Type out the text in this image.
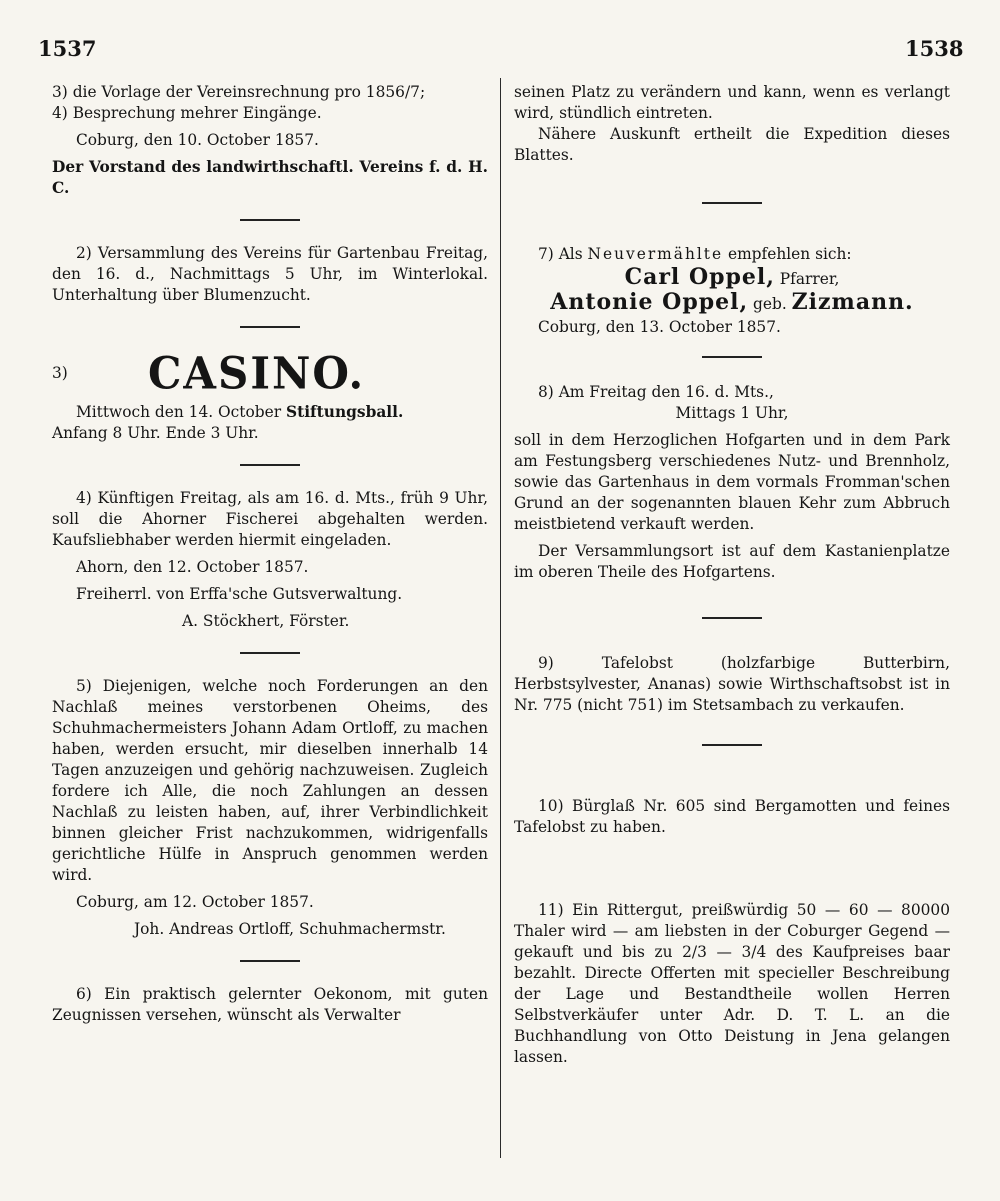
1537	1538

3) die Vorlage der Vereinsrechnung pro 1856/7;

4) Besprechung mehrer Eingänge.

Coburg, den 10. October 1857.

Der Vorstand des landwirthschaftl. Vereins f. d. H. C.

2) Versammlung des Vereins für Gartenbau Freitag, den 16. d., Nachmittags 5 Uhr, im Winterlokal. Unterhaltung über Blumenzucht.

3)	CASINO.

Mittwoch den 14. October Stiftungsball.

Anfang 8 Uhr. Ende 3 Uhr.

4) Künftigen Freitag, als am 16. d. Mts., früh 9 Uhr, soll die Ahorner Fischerei abgehalten werden. Kaufsliebhaber werden hiermit eingeladen.

Ahorn, den 12. October 1857.

Freiherrl. von Erffa'sche Gutsverwaltung.

A. Stöckhert, Förster.

5) Diejenigen, welche noch Forderungen an den Nachlaß meines verstorbenen Oheims, des Schuhmachermeisters Johann Adam Ortloff, zu machen haben, werden ersucht, mir dieselben innerhalb 14 Tagen anzuzeigen und gehörig nachzuweisen. Zugleich fordere ich Alle, die noch Zahlungen an dessen Nachlaß zu leisten haben, auf, ihrer Verbindlichkeit binnen gleicher Frist nachzukommen, widrigenfalls gerichtliche Hülfe in Anspruch genommen werden wird.

Coburg, am 12. October 1857.

Joh. Andreas Ortloff, Schuhmachermstr.

6) Ein praktisch gelernter Oekonom, mit guten Zeugnissen versehen, wünscht als Verwalter

seinen Platz zu verändern und kann, wenn es verlangt wird, stündlich eintreten.

Nähere Auskunft ertheilt die Expedition dieses Blattes.

7) Als Neuvermählte empfehlen sich:

Carl Oppel, Pfarrer,

Antonie Oppel, geb. Zizmann.

Coburg, den 13. October 1857.

8) Am Freitag den 16. d. Mts.,

Mittags 1 Uhr,

soll in dem Herzoglichen Hofgarten und in dem Park am Festungsberg verschiedenes Nutz- und Brennholz, sowie das Gartenhaus in dem vormals Fromman'schen Grund an der sogenannten blauen Kehr zum Abbruch meistbietend verkauft werden.

Der Versammlungsort ist auf dem Kastanienplatze im oberen Theile des Hofgartens.

9) Tafelobst (holzfarbige Butterbirn, Herbstsylvester, Ananas) sowie Wirthschaftsobst ist in Nr. 775 (nicht 751) im Stetsambach zu verkaufen.

10) Bürglaß Nr. 605 sind Bergamotten und feines Tafelobst zu haben.

11) Ein Rittergut, preißwürdig 50 — 60 — 80000 Thaler wird — am liebsten in der Coburger Gegend — gekauft und bis zu 2/3 — 3/4 des Kaufpreises baar bezahlt. Directe Offerten mit specieller Beschreibung der Lage und Bestandtheile wollen Herren Selbstverkäufer unter Adr. D. T. L. an die Buchhandlung von Otto Deistung in Jena gelangen lassen.
